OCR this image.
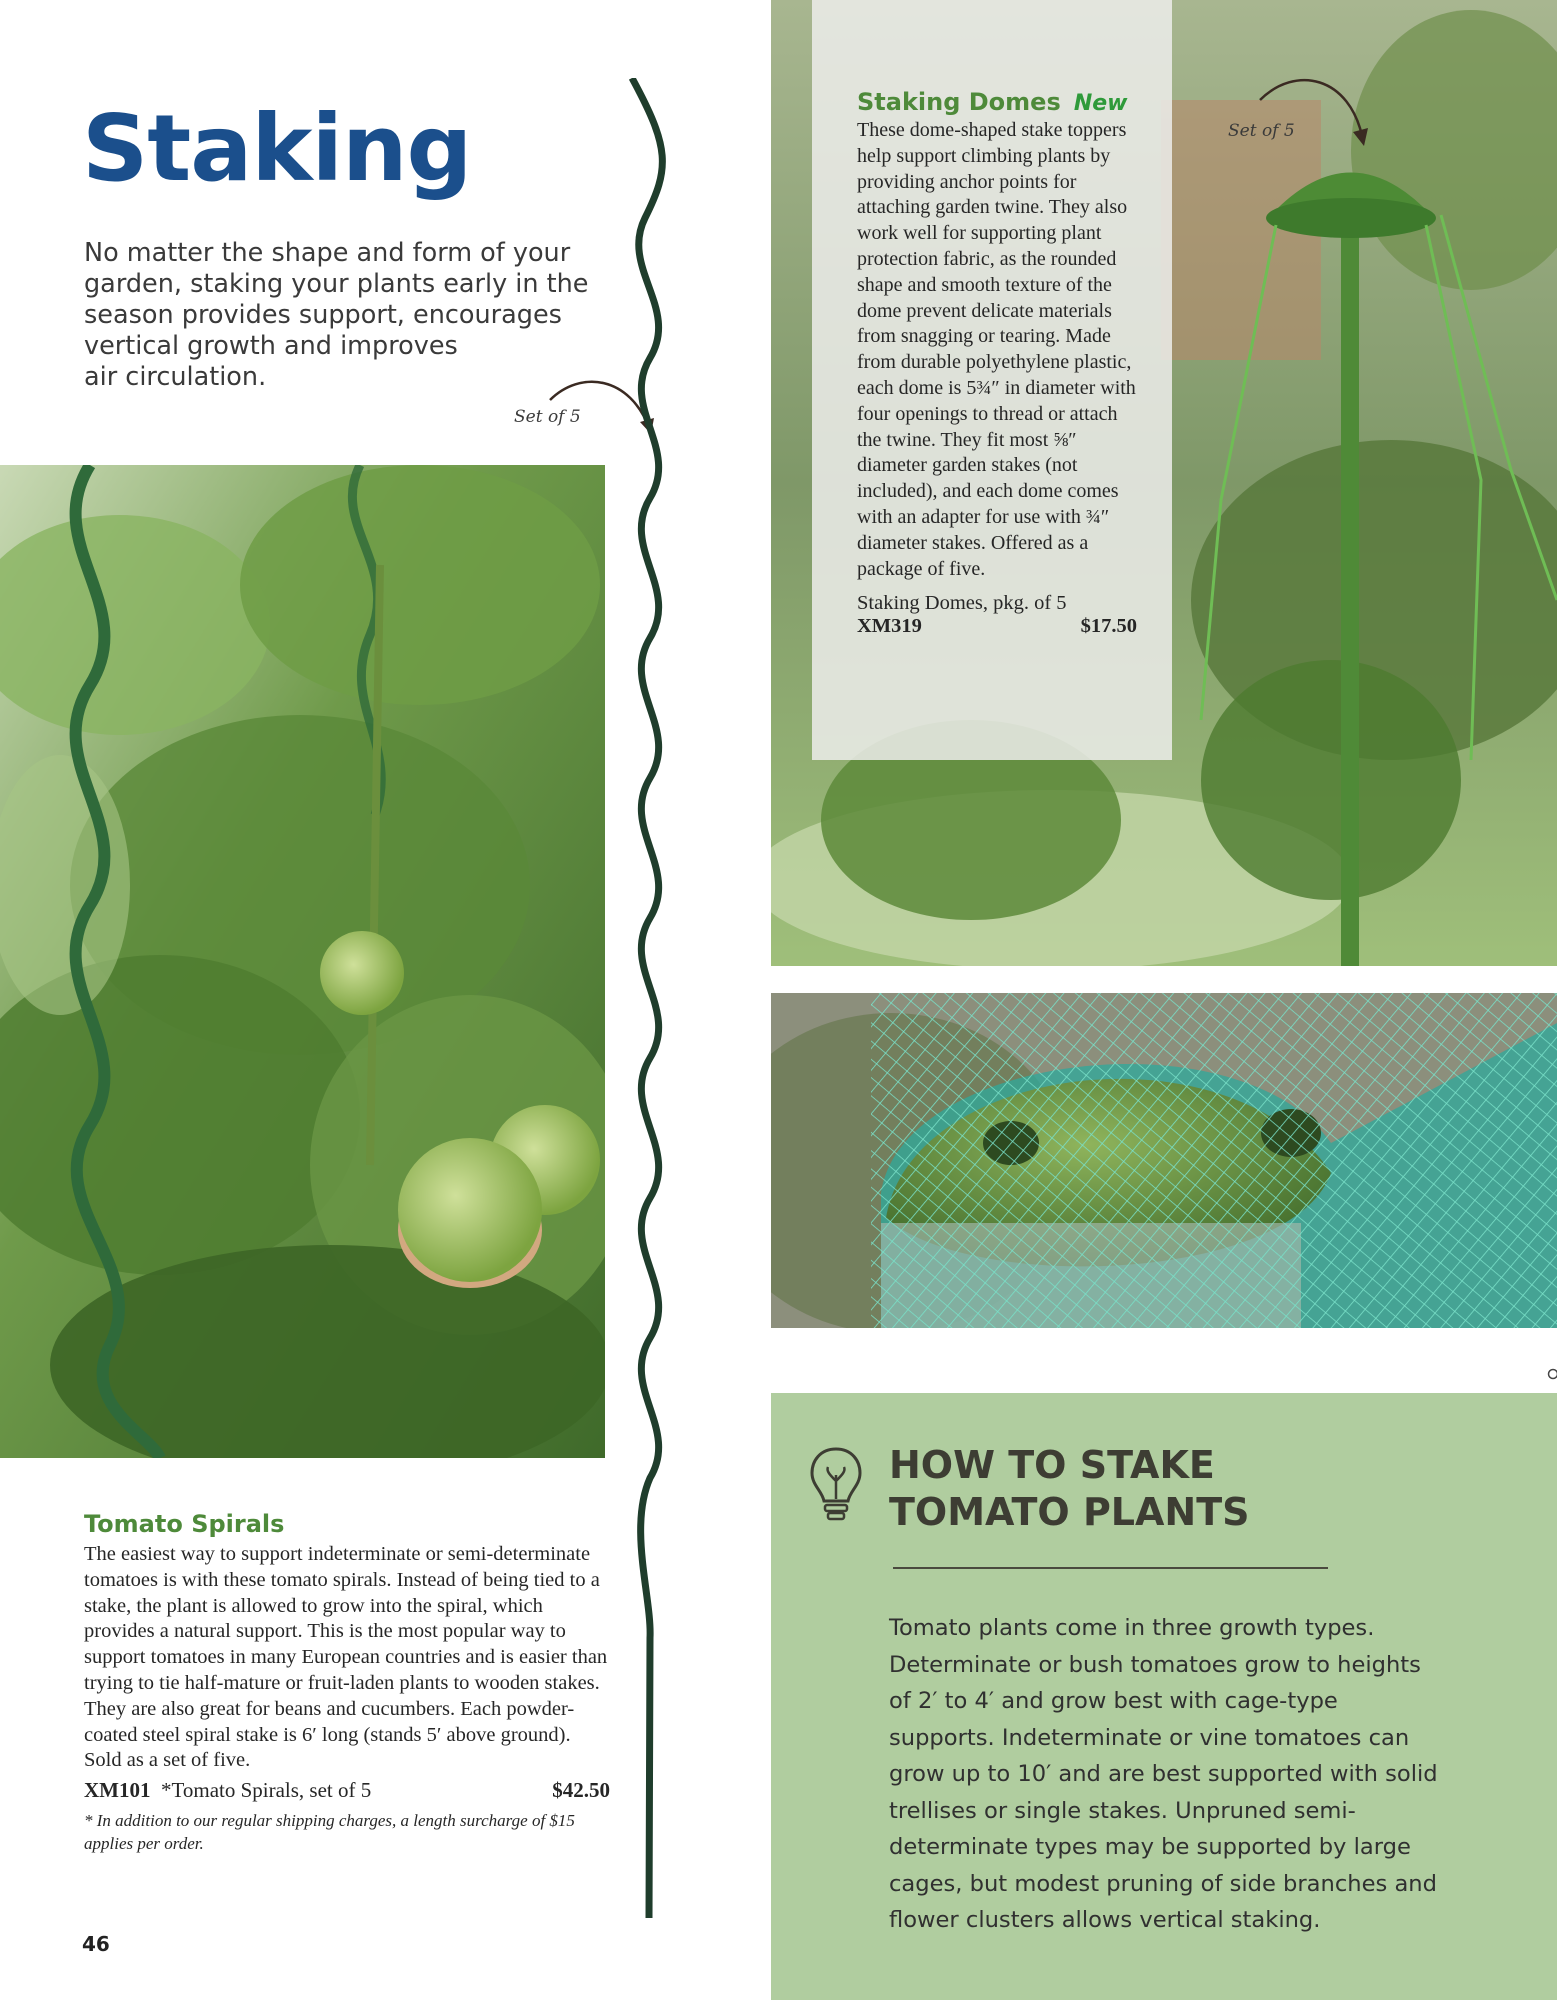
Staking
No matter the shape and form of your
garden, staking your plants early in the
season provides support, encourages
vertical growth and improves
air circulation.
Set of 5
Tomato Spirals
The easiest way to support indeterminate or semi-determinate tomatoes is with these tomato spirals. Instead of being tied to a stake, the plant is allowed to grow into the spiral, which provides a natural support. This is the most popular way to support tomatoes in many European countries and is easier than trying to tie half-mature or fruit-laden plants to wooden stakes. They are also great for beans and cucumbers. Each powder-coated steel spiral stake is 6′ long (stands 5′ above ground). Sold as a set of five.
XM101 *Tomato Spirals, set of 5	$42.50
* In addition to our regular shipping charges, a length surcharge of $15 applies per order.
46
Staking Domes New
These dome-shaped stake toppers help support climbing plants by providing anchor points for attaching garden twine. They also work well for supporting plant protection fabric, as the rounded shape and smooth texture of the dome prevent delicate materials from snagging or tearing. Made from durable polyethylene plastic, each dome is 5¾″ in diameter with four openings to thread or attach the twine. They fit most ⅝″ diameter garden stakes (not included), and each dome comes with an adapter for use with ¾″ diameter stakes. Offered as a package of five.
Staking Domes, pkg. of 5
XM319	$17.50
Set of 5
HOW TO STAKE
TOMATO PLANTS
Tomato plants come in three growth types. Determinate or bush tomatoes grow to heights of 2′ to 4′ and grow best with cage-type supports. Indeterminate or vine tomatoes can grow up to 10′ and are best supported with solid trellises or single stakes. Unpruned semi-determinate types may be supported by large cages, but modest pruning of side branches and flower clusters allows vertical staking.
